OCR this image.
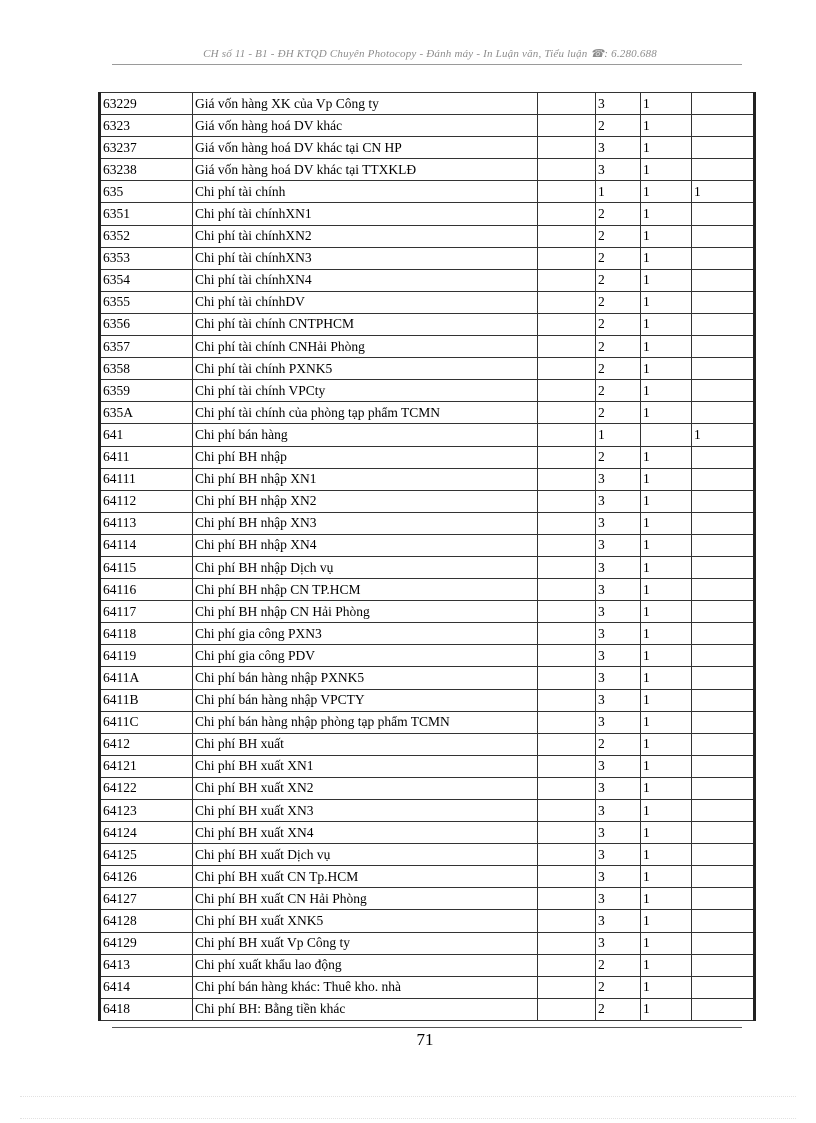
CH số 11 - B1 - ĐH KTQD Chuyên Photocopy - Đánh máy - In Luận văn, Tiểu luận ☎: 6.280.688
63229	Giá vốn hàng XK của Vp Công ty		3	1	
6323	Giá vốn hàng hoá DV khác		2	1	
63237	Giá vốn hàng hoá DV khác tại CN HP		3	1	
63238	Giá vốn hàng hoá DV khác tại TTXKLĐ		3	1	
635	Chi phí tài chính		1	1	1
6351	Chi phí tài chínhXN1		2	1	
6352	Chi phí tài chínhXN2		2	1	
6353	Chi phí tài chínhXN3		2	1	
6354	Chi phí tài chínhXN4		2	1	
6355	Chi phí tài chínhDV		2	1	
6356	Chi phí tài chính CNTPHCM		2	1	
6357	Chi phí tài chính CNHải Phòng		2	1	
6358	Chi phí tài chính PXNK5		2	1	
6359	Chi phí tài chính VPCty		2	1	
635A	Chi phí tài chính của phòng tạp phẩm TCMN		2	1	
641	Chi phí bán hàng		1		1
6411	Chi phí BH nhập		2	1	
64111	Chi phí BH nhập XN1		3	1	
64112	Chi phí BH nhập XN2		3	1	
64113	Chi phí BH nhập XN3		3	1	
64114	Chi phí BH nhập XN4		3	1	
64115	Chi phí BH nhập Dịch vụ		3	1	
64116	Chi phí BH nhập CN TP.HCM		3	1	
64117	Chi phí BH nhập CN Hải Phòng		3	1	
64118	Chi phí gia công PXN3		3	1	
64119	Chi phí gia công PDV		3	1	
6411A	Chi phí bán hàng nhập PXNK5		3	1	
6411B	Chi phí bán hàng nhập VPCTY		3	1	
6411C	Chi phí bán hàng nhập phòng tạp phẩm TCMN		3	1	
6412	Chi phí BH xuất		2	1	
64121	Chi phí BH xuất XN1		3	1	
64122	Chi phí BH xuất XN2		3	1	
64123	Chi phí BH xuất XN3		3	1	
64124	Chi phí BH xuất XN4		3	1	
64125	Chi phí BH xuất Dịch vụ		3	1	
64126	Chi phí BH xuất CN Tp.HCM		3	1	
64127	Chi phí BH xuất CN Hải Phòng		3	1	
64128	Chi phí BH xuất XNK5		3	1	
64129	Chi phí BH xuất Vp Công ty		3	1	
6413	Chi phí xuất khẩu lao động		2	1	
6414	Chi phí bán hàng khác: Thuê kho. nhà		2	1	
6418	Chi phí BH: Bằng tiền khác		2	1	
71
